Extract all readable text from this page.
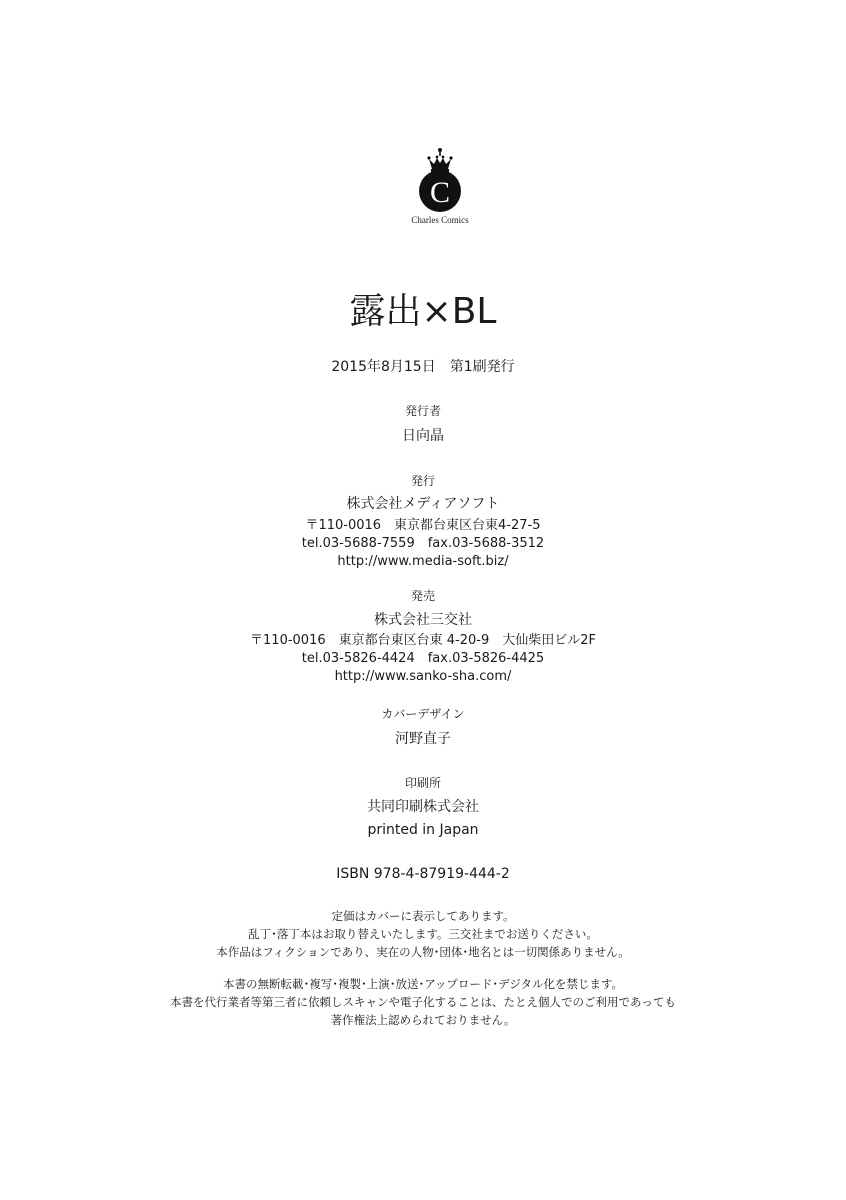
C
Charles Comics
露出×BL
2015年8月15日　第1刷発行
発行者
日向晶
発行
株式会社メディアソフト
〒110-0016　東京都台東区台東4-27-5
tel.03-5688-7559　fax.03-5688-3512
http://www.media-soft.biz/
発売
株式会社三交社
〒110-0016　東京都台東区台東 4-20-9　大仙柴田ビル2F
tel.03-5826-4424　fax.03-5826-4425
http://www.sanko-sha.com/
カバーデザイン
河野直子
印刷所
共同印刷株式会社
printed in Japan
ISBN 978-4-87919-444-2
定価はカバーに表示してあります。
乱丁･落丁本はお取り替えいたします。三交社までお送りください。
本作品はフィクションであり、実在の人物･団体･地名とは一切関係ありません。
本書の無断転載･複写･複製･上演･放送･アップロード･デジタル化を禁じます。
本書を代行業者等第三者に依頼しスキャンや電子化することは、たとえ個人でのご利用であっても
著作権法上認められておりません。
